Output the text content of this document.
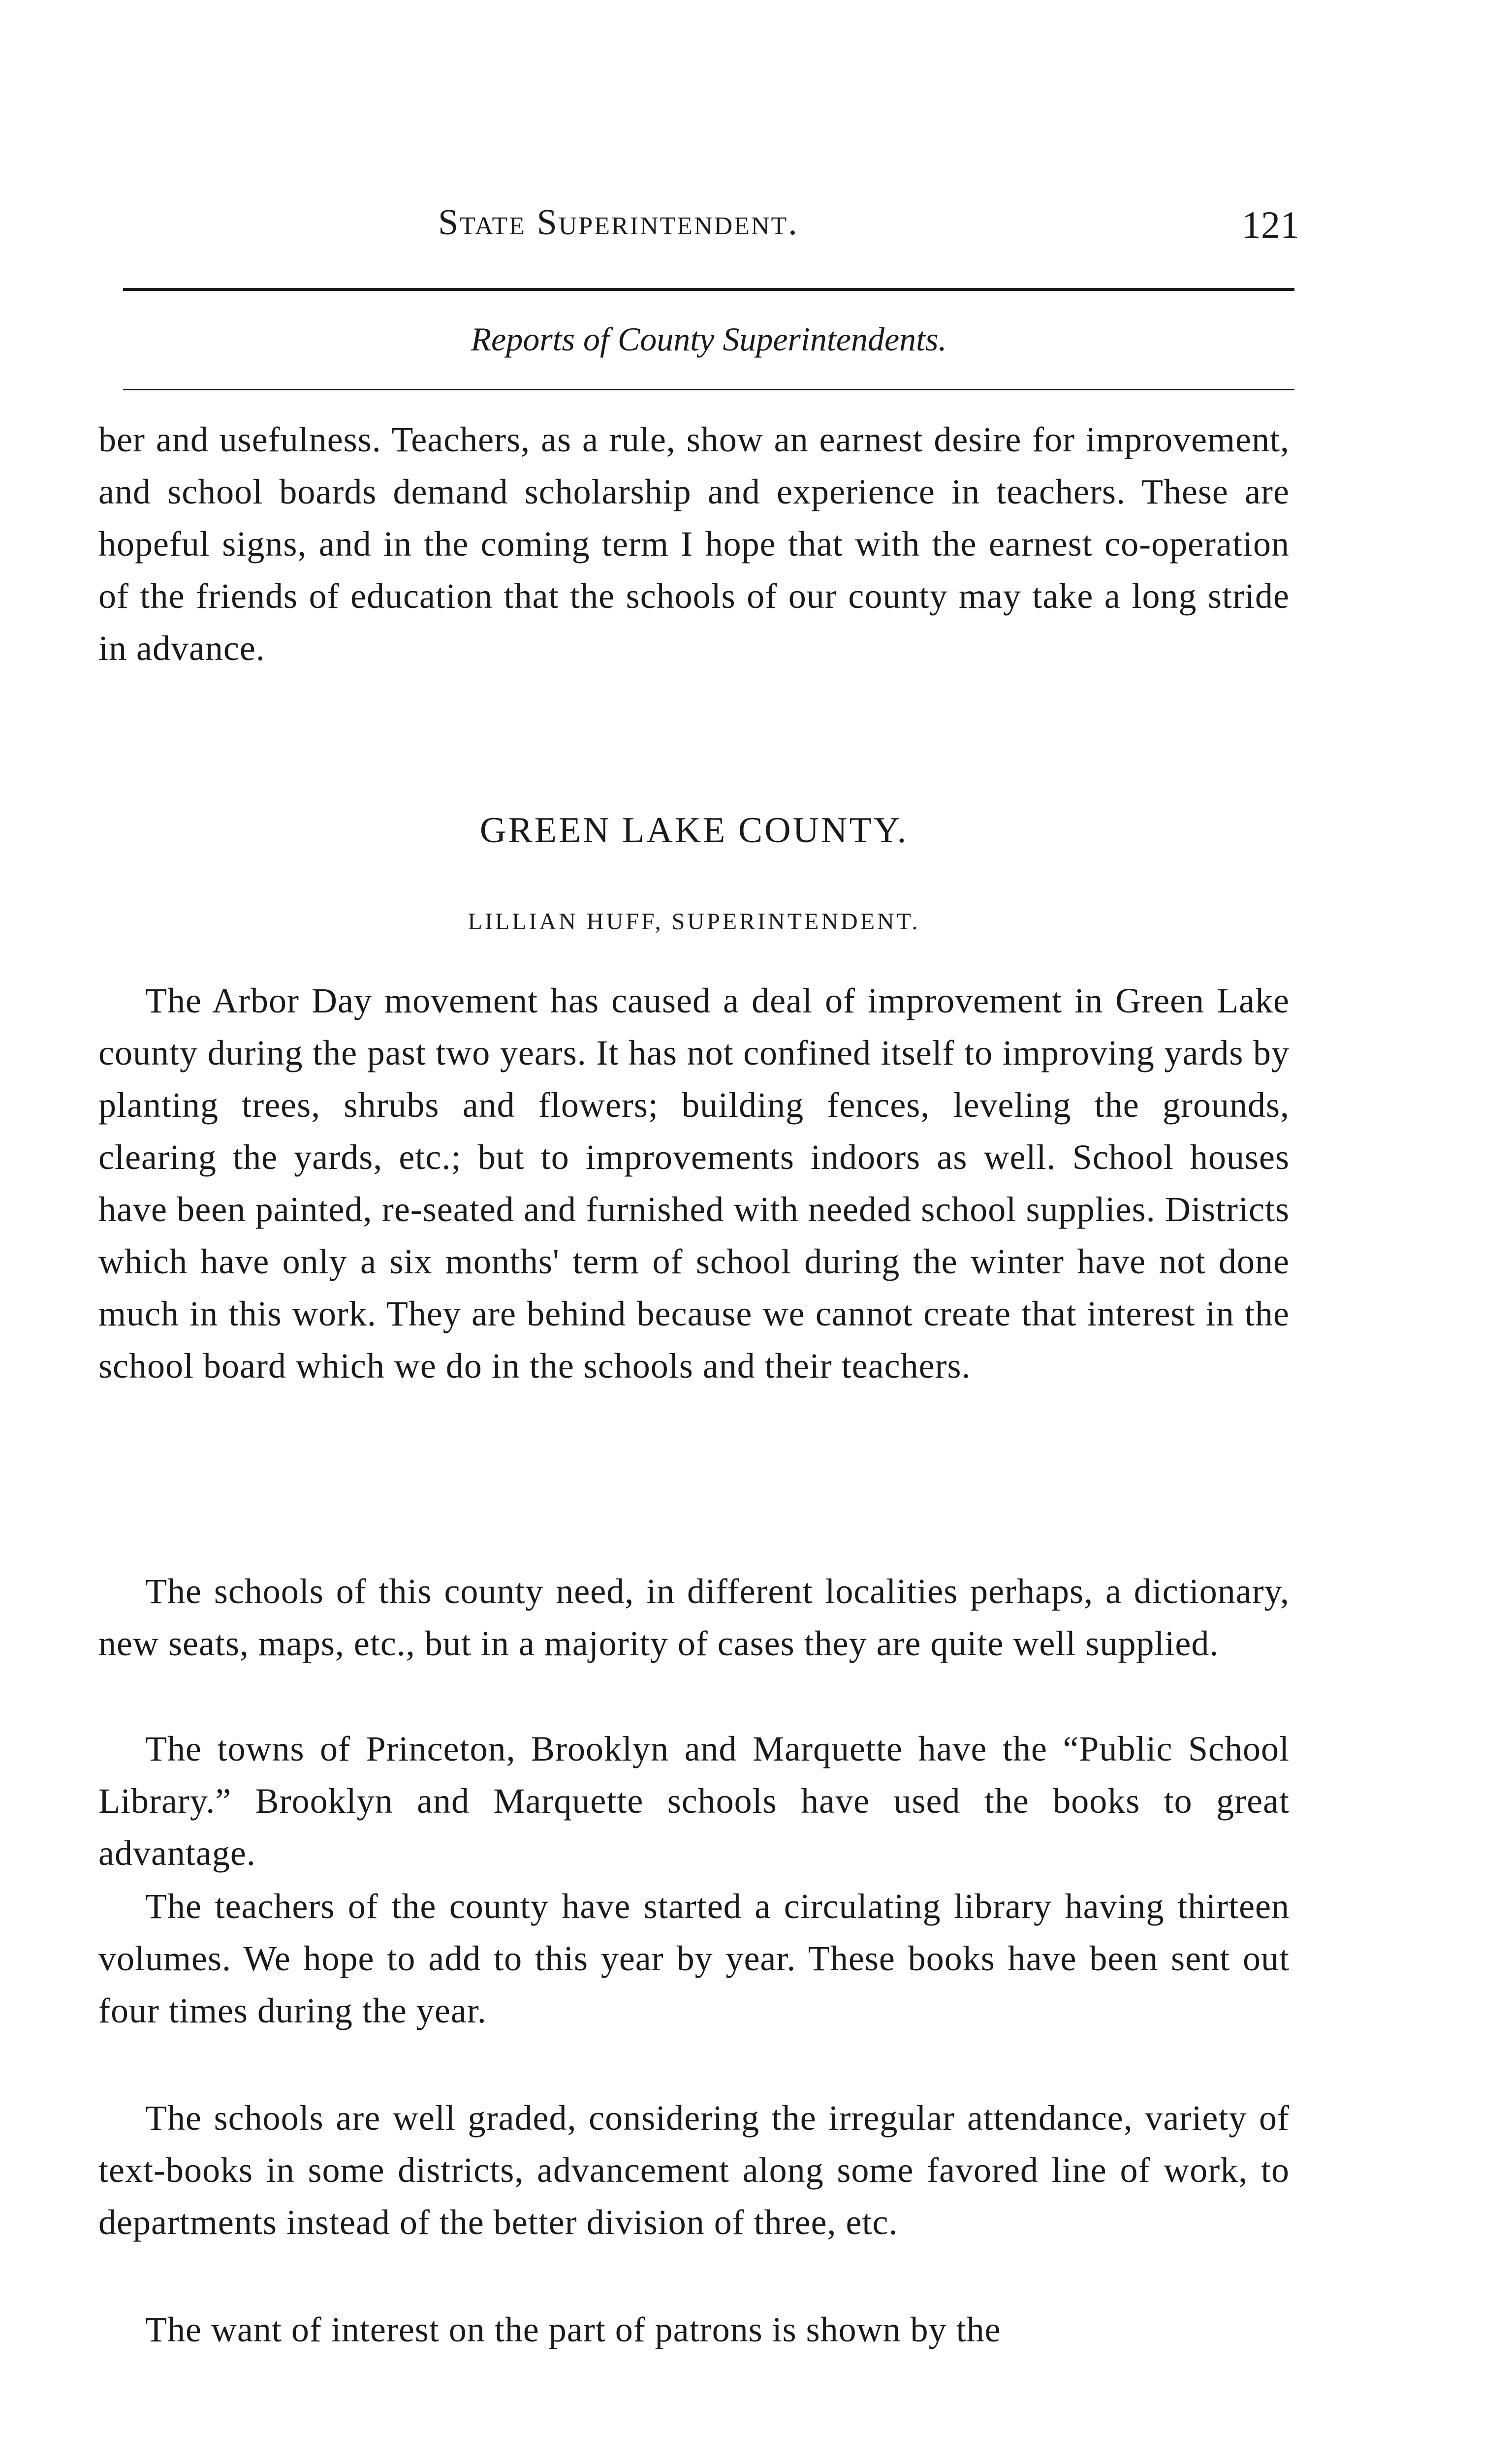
State Superintendent.	121
Reports of County Superintendents.

ber and usefulness. Teachers, as a rule, show an earnest desire for improvement, and school boards demand scholarship and experience in teachers. These are hopeful signs, and in the coming term I hope that with the earnest co-operation of the friends of education that the schools of our county may take a long stride in advance.

GREEN LAKE COUNTY.
LILLIAN HUFF, SUPERINTENDENT.

The Arbor Day movement has caused a deal of improvement in Green Lake county during the past two years. It has not confined itself to improving yards by planting trees, shrubs and flowers; building fences, leveling the grounds, clearing the yards, etc.; but to improvements indoors as well. School houses have been painted, re-seated and furnished with needed school supplies. Districts which have only a six months' term of school during the winter have not done much in this work. They are behind because we cannot create that interest in the school board which we do in the schools and their teachers.

The schools of this county need, in different localities perhaps, a dictionary, new seats, maps, etc., but in a majority of cases they are quite well supplied.

The towns of Princeton, Brooklyn and Marquette have the “Public School Library.” Brooklyn and Marquette schools have used the books to great advantage.

The teachers of the county have started a circulating library having thirteen volumes. We hope to add to this year by year. These books have been sent out four times during the year.

The schools are well graded, considering the irregular attendance, variety of text-books in some districts, advancement along some favored line of work, to departments instead of the better division of three, etc.

The want of interest on the part of patrons is shown by the
